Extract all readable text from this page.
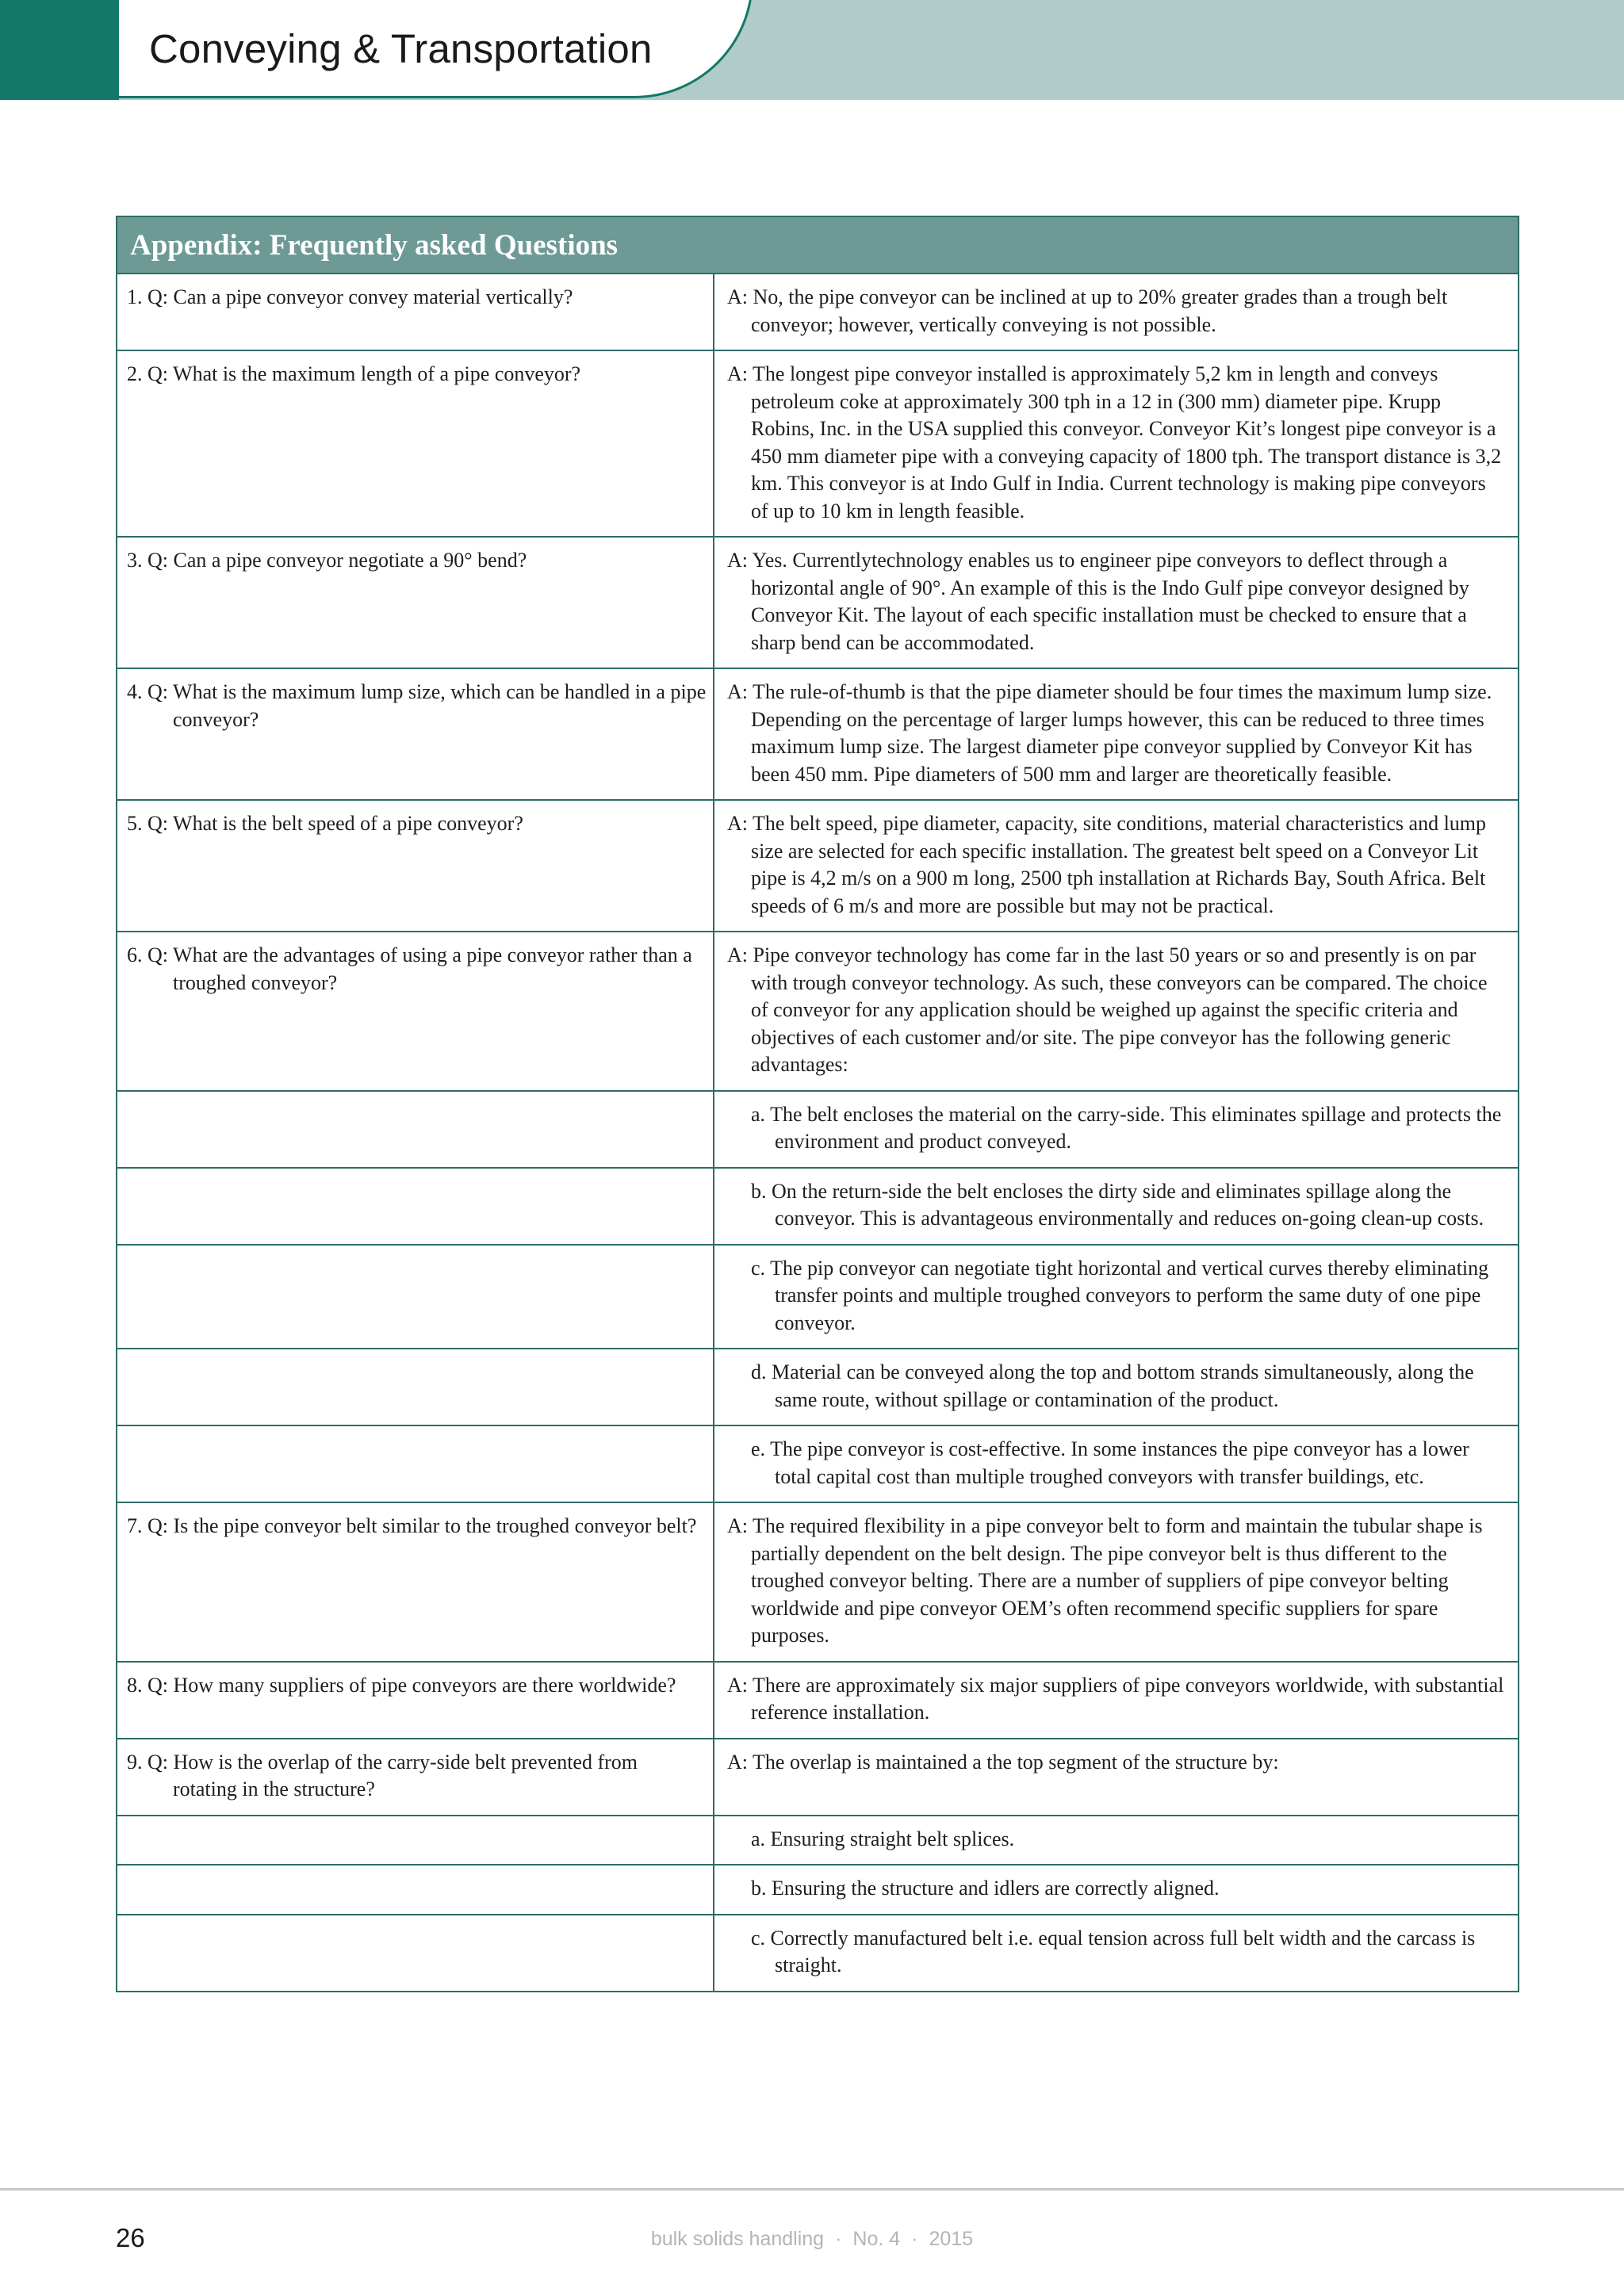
Conveying & Transportation
Appendix: Frequently asked Questions
1. Q: Can a pipe conveyor convey material vertically?	A: No, the pipe conveyor can be inclined at up to 20% greater grades than a trough belt conveyor; however, vertically conveying is not possible.

2. Q: What is the maximum length of a pipe conveyor?	A: The longest pipe conveyor installed is approximately 5,2 km in length and conveys petroleum coke at approximately 300 tph in a 12 in (300 mm) diameter pipe. Krupp Robins, Inc. in the USA supplied this conveyor. Conveyor Kit’s longest pipe conveyor is a 450 mm diameter pipe with a conveying capacity of 1800 tph. The transport distance is 3,2 km. This conveyor is at Indo Gulf in India. Current technology is making pipe conveyors of up to 10 km in length feasible.

3. Q: Can a pipe conveyor negotiate a 90° bend?	A: Yes. Currentlytechnology enables us to engineer pipe conveyors to deflect through a horizontal angle of 90°. An example of this is the Indo Gulf pipe conveyor designed by Conveyor Kit. The layout of each specific installation must be checked to ensure that a sharp bend can be accommodated.

4. Q: What is the maximum lump size, which can be handled in a pipe conveyor?	A: The rule-of-thumb is that the pipe diameter should be four times the maximum lump size. Depending on the percentage of larger lumps however, this can be reduced to three times maximum lump size. The largest diameter pipe conveyor supplied by Conveyor Kit has been 450 mm. Pipe diameters of 500 mm and larger are theoretically feasible.

5. Q: What is the belt speed of a pipe conveyor?	A: The belt speed, pipe diameter, capacity, site conditions, material characteristics and lump size are selected for each specific installation. The greatest belt speed on a Conveyor Lit pipe is 4,2 m/s on a 900 m long, 2500 tph installation at Richards Bay, South Africa. Belt speeds of 6 m/s and more are possible but may not be practical.

6. Q: What are the advantages of using a pipe conveyor rather than a troughed conveyor?	A: Pipe conveyor technology has come far in the last 50 years or so and presently is on par with trough conveyor technology. As such, these conveyors can be compared. The choice of conveyor for any application should be weighed up against the specific criteria and objectives of each customer and/or site. The pipe conveyor has the following generic advantages:

	a. The belt encloses the material on the carry-side. This eliminates spillage and protects the environment and product conveyed.

	b. On the return-side the belt encloses the dirty side and eliminates spillage along the conveyor. This is advantageous environmentally and reduces on-going clean-up costs.

	c. The pip conveyor can negotiate tight horizontal and vertical curves thereby eliminating transfer points and multiple troughed conveyors to perform the same duty of one pipe conveyor.

	d. Material can be conveyed along the top and bottom strands simultaneously, along the same route, without spillage or contamination of the product.

	e. The pipe conveyor is cost-effective. In some instances the pipe conveyor has a lower total capital cost than multiple troughed conveyors with transfer buildings, etc.

7. Q: Is the pipe conveyor belt similar to the troughed conveyor belt?	A: The required flexibility in a pipe conveyor belt to form and maintain the tubular shape is partially dependent on the belt design. The pipe conveyor belt is thus different to the troughed conveyor belting. There are a number of suppliers of pipe conveyor belting worldwide and pipe conveyor OEM’s often recommend specific suppliers for spare purposes.

8. Q: How many suppliers of pipe conveyors are there worldwide?	A: There are approximately six major suppliers of pipe conveyors worldwide, with substantial reference installation.

9. Q: How is the overlap of the carry-side belt prevented from rotating in the structure?	A: The overlap is maintained a the top segment of the structure by:

	a. Ensuring straight belt splices.

	b. Ensuring the structure and idlers are correctly aligned.

	c. Correctly manufactured belt i.e. equal tension across full belt width and the carcass is straight.
26	bulk solids handling · No. 4 · 2015
